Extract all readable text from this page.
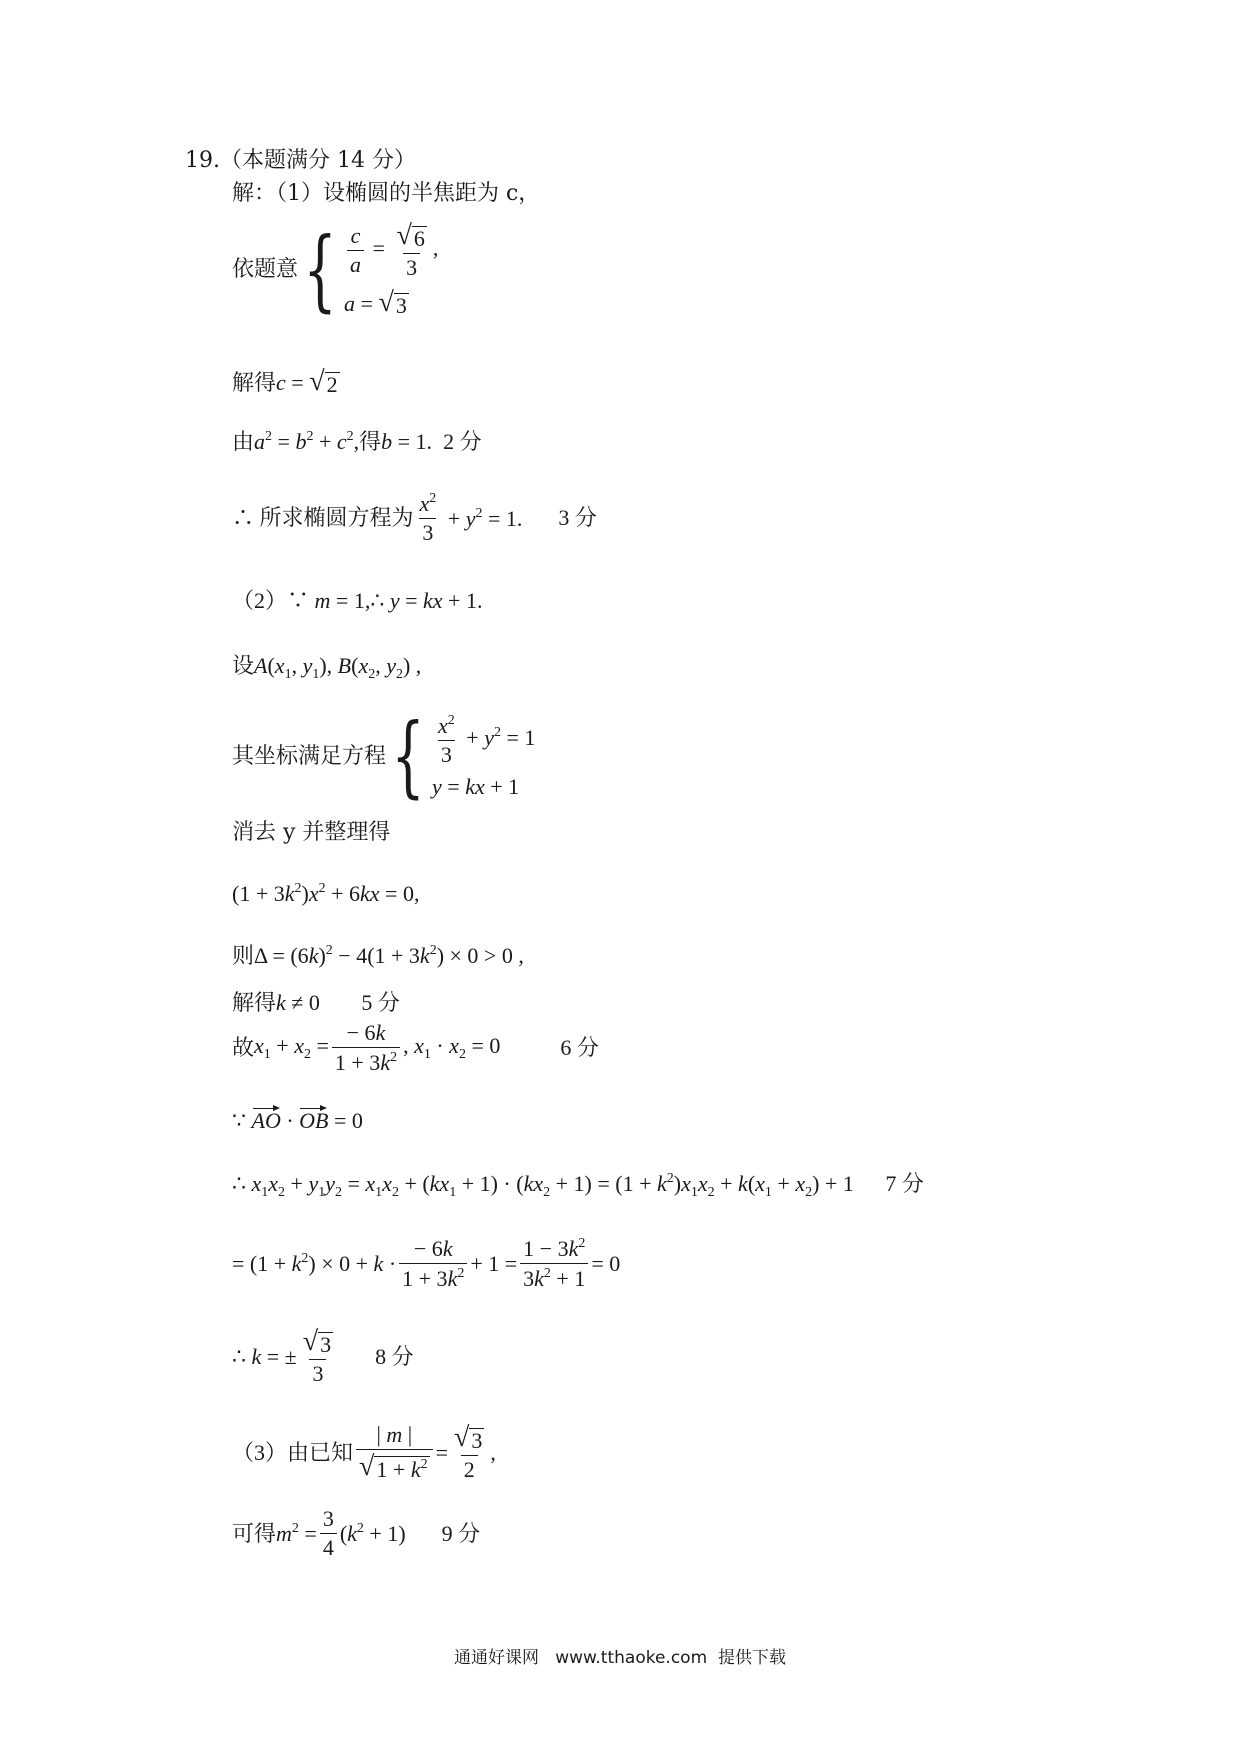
19.（本题满分 14 分）
解：（1）设椭圆的半焦距为 c，
依题意 { $\frac{c}{a} = \frac{√ 6}{3}$ ,
a = √ 3
解得c = √ 2
由$a^2 = b^2 + c^2$,得b = 1.  2 分
∴ 所求椭圆方程为 $\frac{x^2}{3} + y^2 = 1$. 3 分
（2）∵ m = 1,∴ y = kx + 1.
设$A(x_1$, $y_1$), $B(x_2$, $y_2$) ,
其坐标满足方程 { $\frac{x^2}{3} + y^2 = 1$
y = kx + 1
消去 y 并整理得
$(1 + 3k^2)x^2 + 6kx = 0$,
则$\Delta = (6k)^2 - 4(1 + 3k^2) \times 0 > 0$ ,
解得k ≠ 0 5 分
故 $x_1 + x_2 = \frac{- 6k}{1 + 3k^2}$ , $x_1 \cdot x_2 = 0$	6 分
∵ AO · OB = 0
∴ $x_1x_2 + y_1y_2 = x_1x_2 + (kx_1 + 1) \cdot (kx_2 + 1) = (1 + k^2)x_1x_2 + k(x_1 + x_2) + 1$ 7 分
= $(1 + k^2) \times 0 + k \cdot \frac{- 6k}{1 + 3k^2} + 1 = \frac{1 - 3k^2}{3k^2 + 1} = 0$
∴ k = ± $\frac{√ 3}{3} 8$ 分
（3）由已知 $\frac{| m |}{√ 1 + k^2} = \frac{√ 3}{2}$ ,
可得 $m^2 = \frac{3}{4} (k^2 + 1)$ 9 分
通通好课网 www.tthaoke.com 提供下载
